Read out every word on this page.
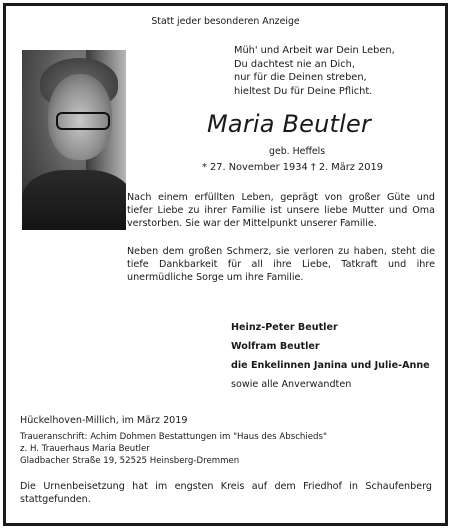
Statt jeder besonderen Anzeige
Müh' und Arbeit war Dein Leben,
Du dachtest nie an Dich,
nur für die Deinen streben,
hieltest Du für Deine Pflicht.
Maria Beutler
geb. Heffels
* 27. November 1934 † 2. März 2019

Nach einem erfüllten Leben, geprägt von großer Güte und tiefer Liebe zu ihrer Familie ist unsere liebe Mutter und Oma verstorben. Sie war der Mittelpunkt unserer Familie.

Neben dem großen Schmerz, sie verloren zu haben, steht die tiefe Dankbarkeit für all ihre Liebe, Tatkraft und ihre unermüdliche Sorge um ihre Familie.

Heinz-Peter Beutler
Wolfram Beutler
die Enkelinnen Janina und Julie-Anne
sowie alle Anverwandten
Hückelhoven-Millich, im März 2019
Traueranschrift: Achim Dohmen Bestattungen im "Haus des Abschieds"
z. H. Trauerhaus Maria Beutler
Gladbacher Straße 19, 52525 Heinsberg-Dremmen

Die Urnenbeisetzung hat im engsten Kreis auf dem Friedhof in Schaufenberg stattgefunden.
